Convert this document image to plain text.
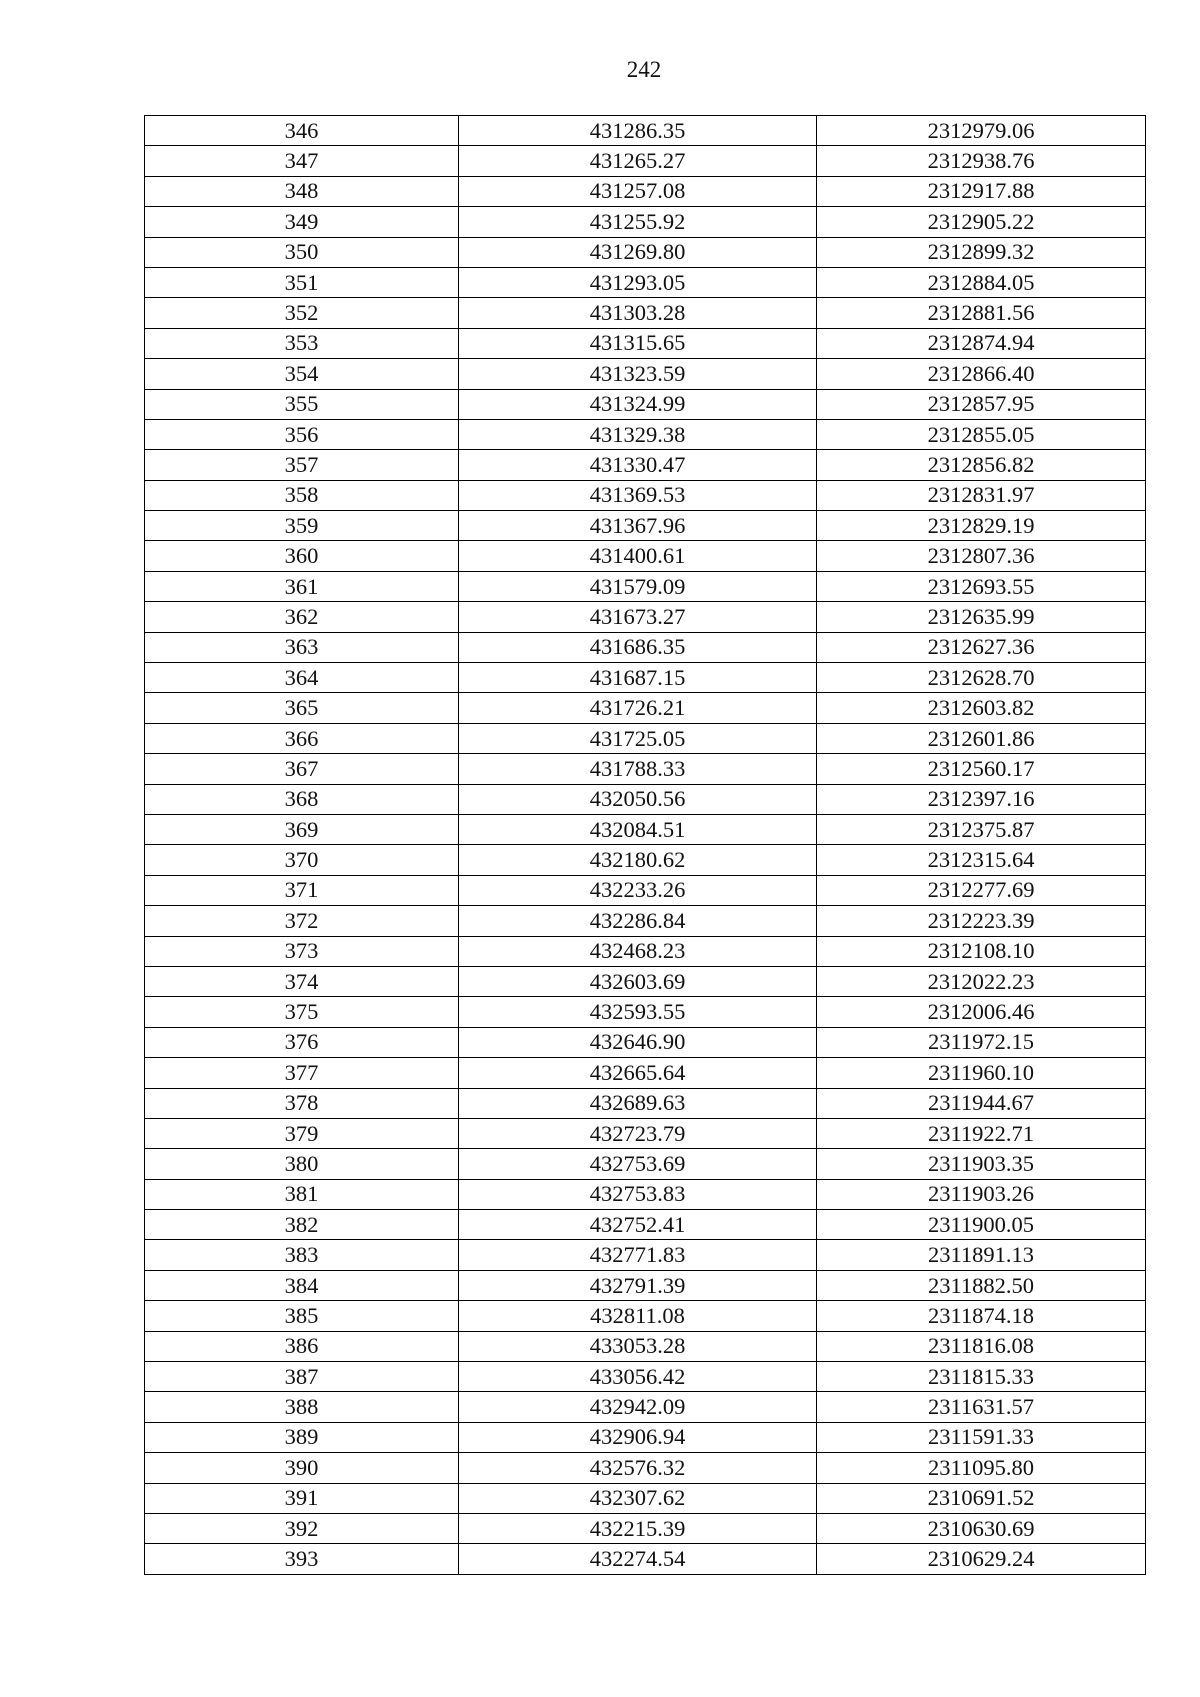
242
346	431286.35	2312979.06
347	431265.27	2312938.76
348	431257.08	2312917.88
349	431255.92	2312905.22
350	431269.80	2312899.32
351	431293.05	2312884.05
352	431303.28	2312881.56
353	431315.65	2312874.94
354	431323.59	2312866.40
355	431324.99	2312857.95
356	431329.38	2312855.05
357	431330.47	2312856.82
358	431369.53	2312831.97
359	431367.96	2312829.19
360	431400.61	2312807.36
361	431579.09	2312693.55
362	431673.27	2312635.99
363	431686.35	2312627.36
364	431687.15	2312628.70
365	431726.21	2312603.82
366	431725.05	2312601.86
367	431788.33	2312560.17
368	432050.56	2312397.16
369	432084.51	2312375.87
370	432180.62	2312315.64
371	432233.26	2312277.69
372	432286.84	2312223.39
373	432468.23	2312108.10
374	432603.69	2312022.23
375	432593.55	2312006.46
376	432646.90	2311972.15
377	432665.64	2311960.10
378	432689.63	2311944.67
379	432723.79	2311922.71
380	432753.69	2311903.35
381	432753.83	2311903.26
382	432752.41	2311900.05
383	432771.83	2311891.13
384	432791.39	2311882.50
385	432811.08	2311874.18
386	433053.28	2311816.08
387	433056.42	2311815.33
388	432942.09	2311631.57
389	432906.94	2311591.33
390	432576.32	2311095.80
391	432307.62	2310691.52
392	432215.39	2310630.69
393	432274.54	2310629.24
